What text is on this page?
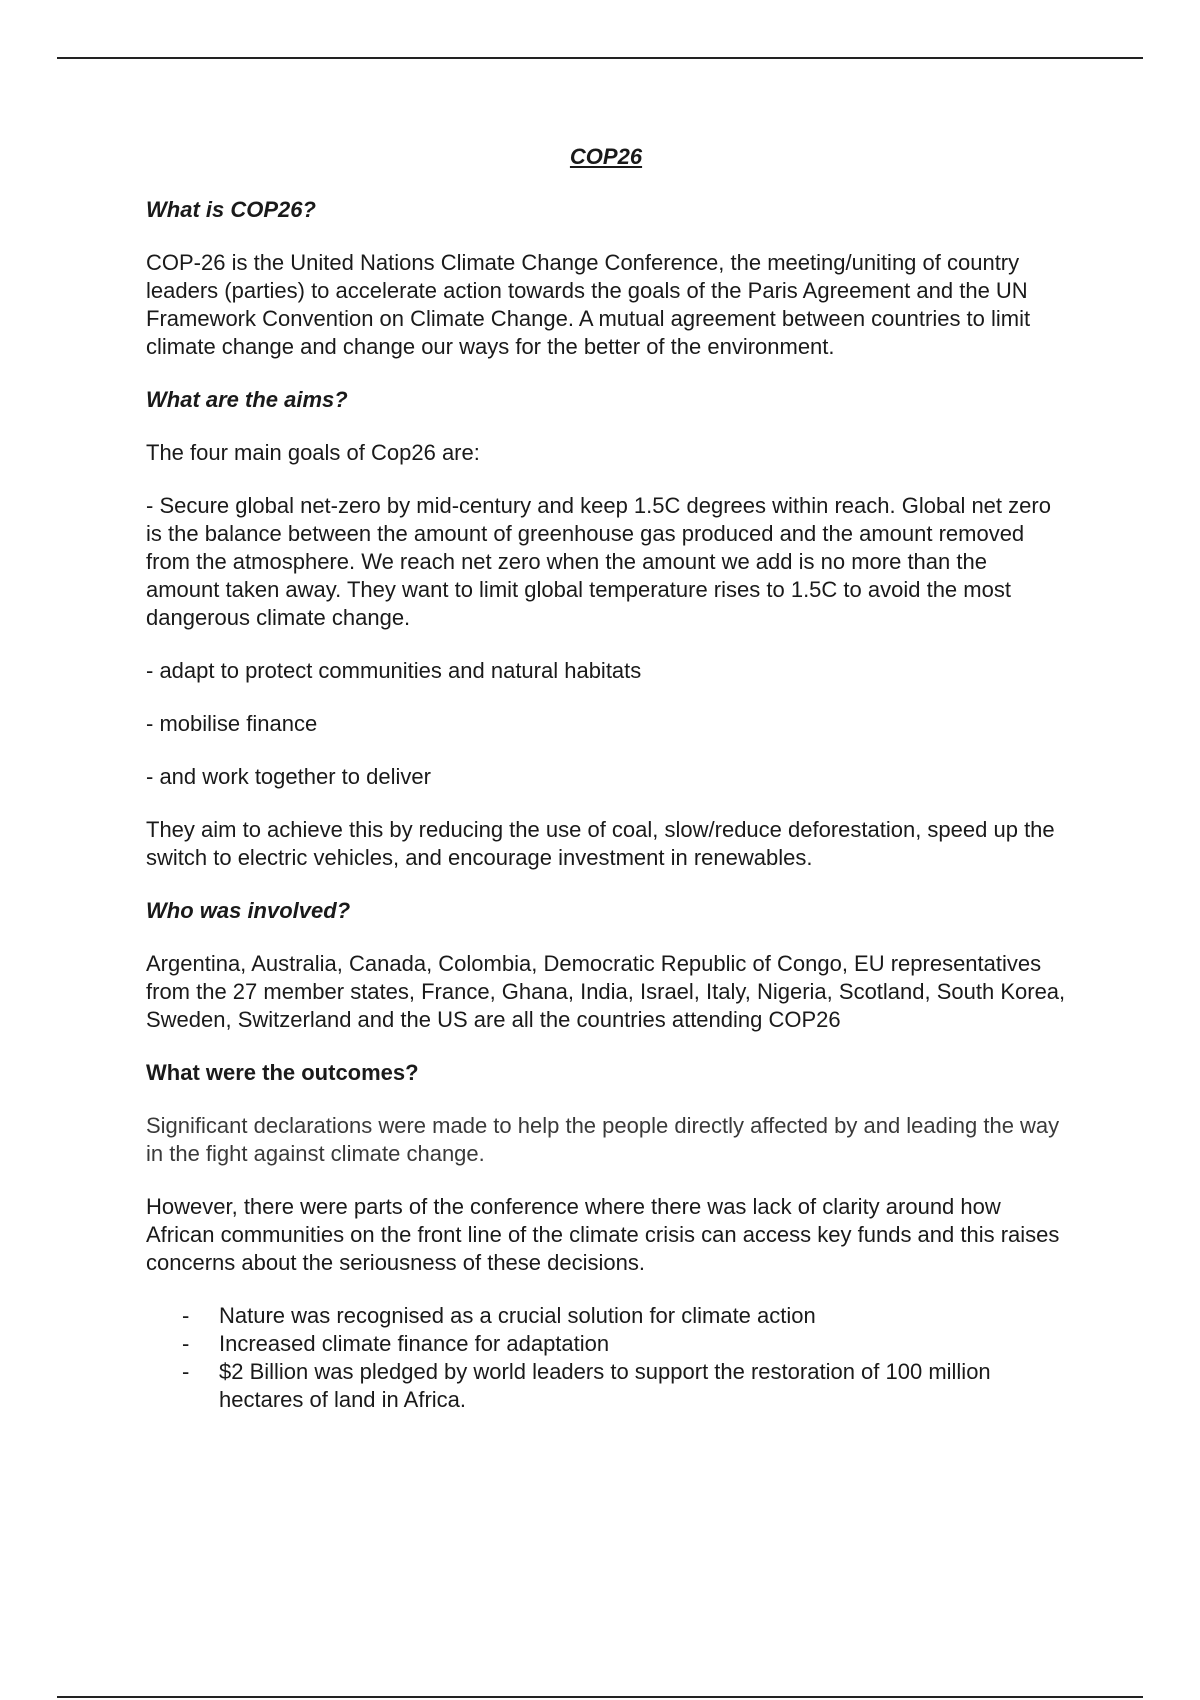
COP26
What is COP26?

COP-26 is the United Nations Climate Change Conference, the meeting/uniting of country leaders (parties) to accelerate action towards the goals of the Paris Agreement and the UN Framework Convention on Climate Change. A mutual agreement between countries to limit climate change and change our ways for the better of the environment.

What are the aims?

The four main goals of Cop26 are:

- Secure global net-zero by mid-century and keep 1.5C degrees within reach. Global net zero is the balance between the amount of greenhouse gas produced and the amount removed from the atmosphere. We reach net zero when the amount we add is no more than the amount taken away. They want to limit global temperature rises to 1.5C to avoid the most dangerous climate change.

- adapt to protect communities and natural habitats

- mobilise finance

- and work together to deliver

They aim to achieve this by reducing the use of coal, slow/reduce deforestation, speed up the switch to electric vehicles, and encourage investment in renewables.

Who was involved?

Argentina, Australia, Canada, Colombia, Democratic Republic of Congo, EU representatives from the 27 member states, France, Ghana, India, Israel, Italy, Nigeria, Scotland, South Korea, Sweden, Switzerland and the US are all the countries attending COP26

What were the outcomes?

Significant declarations were made to help the people directly affected by and leading the way in the fight against climate change.

However, there were parts of the conference where there was lack of clarity around how African communities on the front line of the climate crisis can access key funds and this raises concerns about the seriousness of these decisions.

- Nature was recognised as a crucial solution for climate action
- Increased climate finance for adaptation
- $2 Billion was pledged by world leaders to support the restoration of 100 million hectares of land in Africa.
